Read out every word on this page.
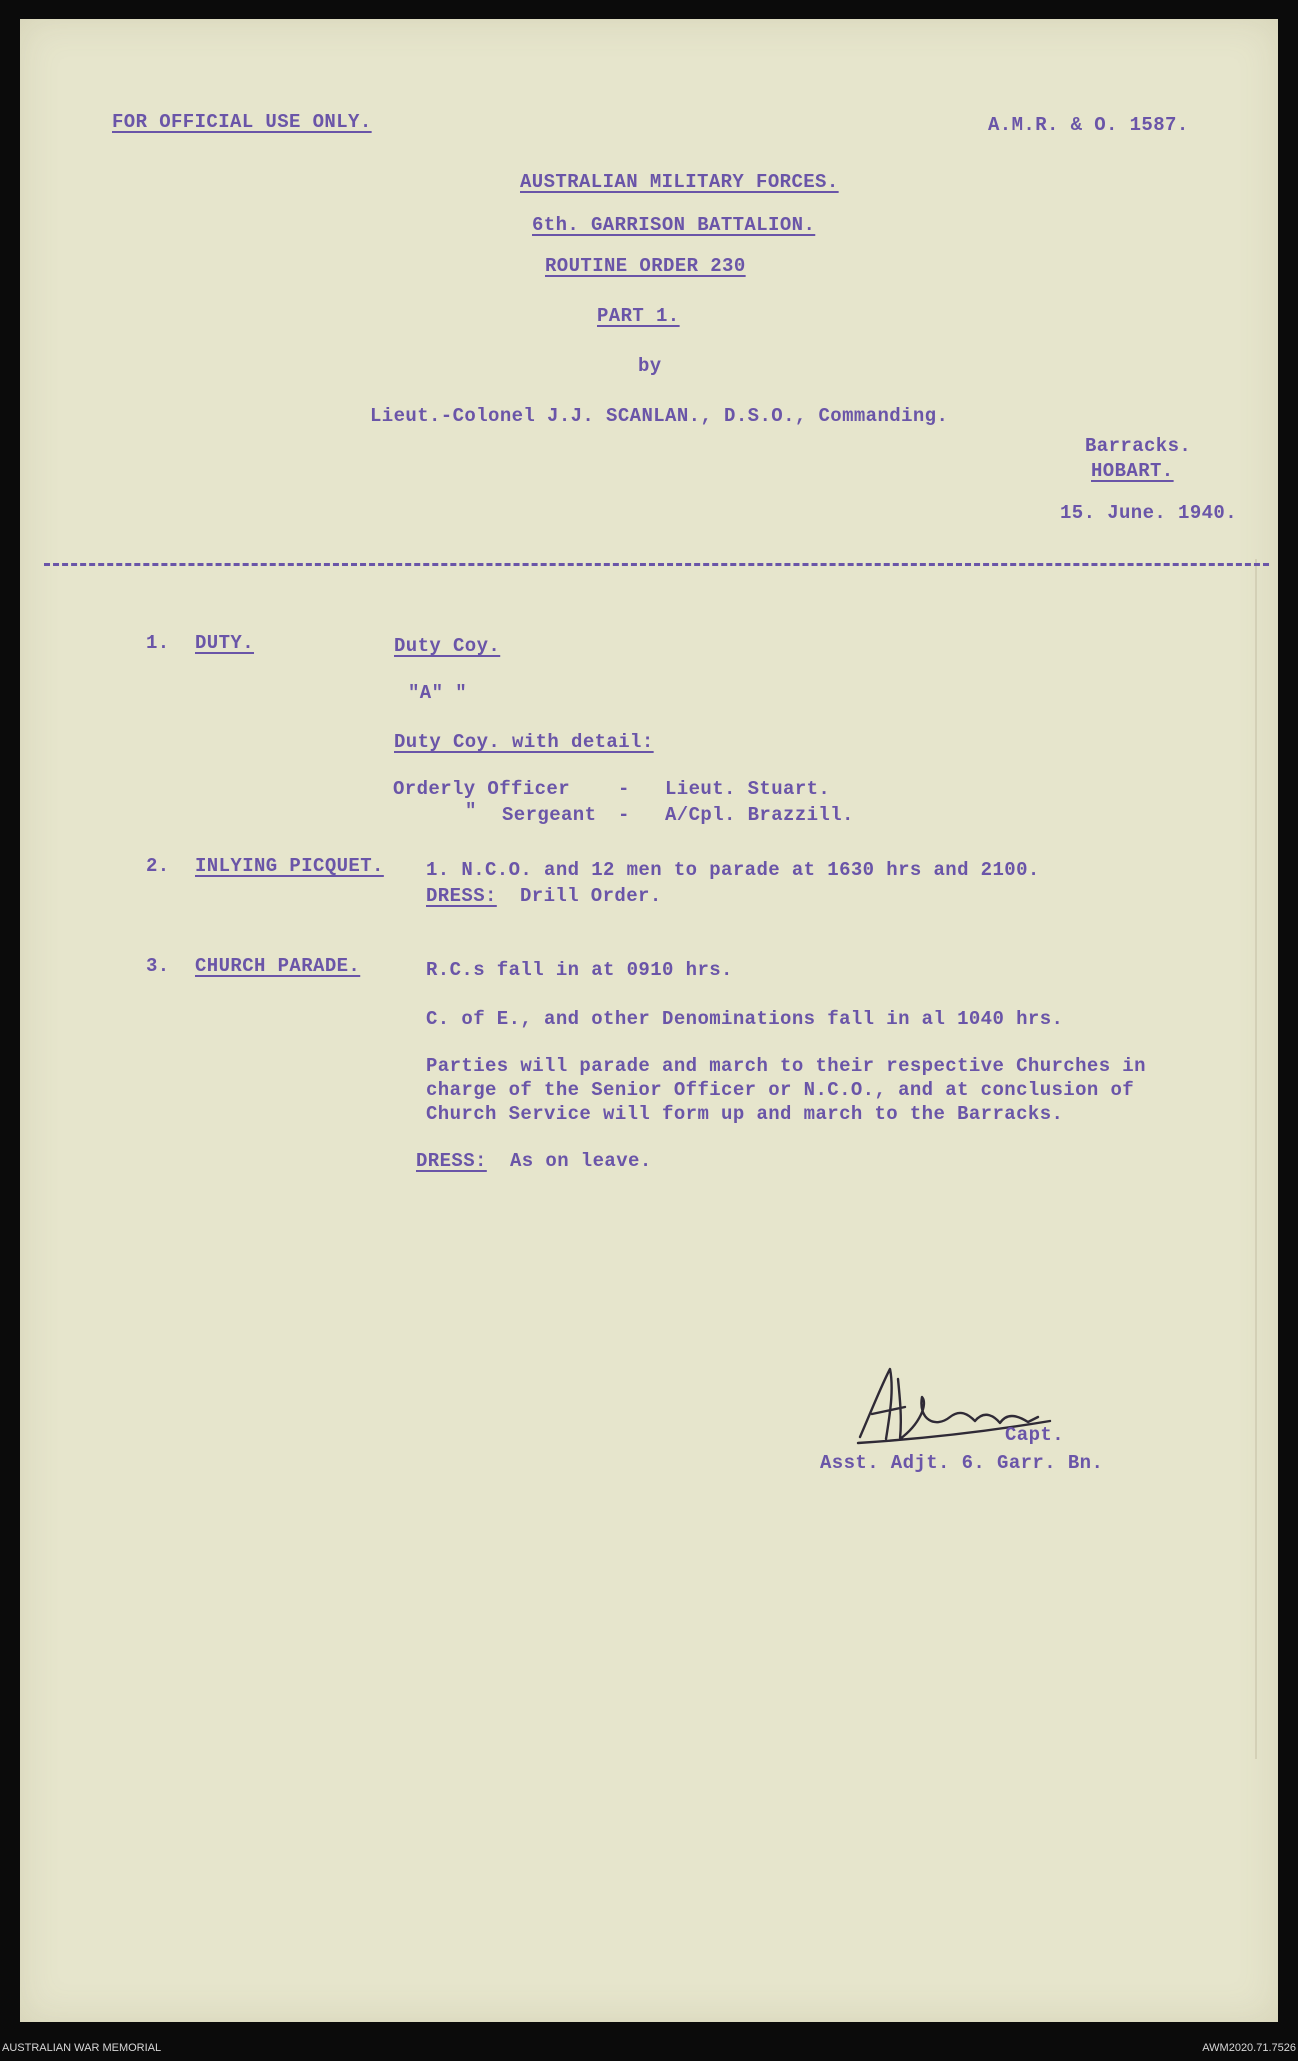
FOR OFFICIAL USE ONLY.	A.M.R. & O. 1587.
AUSTRALIAN MILITARY FORCES.
6th. GARRISON BATTALION.
ROUTINE ORDER 230
PART 1.
by
Lieut.-Colonel J.J. SCANLAN., D.S.O., Commanding.
Barracks.
HOBART.
15. June. 1940.
1. DUTY.	Duty Coy.
"A" "
Duty Coy. with detail:
Orderly Officer	- Lieut. Stuart.
" Sergeant - A/Cpl. Brazzill.
2. INLYING PICQUET. 1. N.C.O. and 12 men to parade at 1630 hrs and 2100.
DRESS: Drill Order.
3. CHURCH PARADE.	R.C.s fall in at 0910 hrs.
C. of E., and other Denominations fall in al 1040 hrs.
Parties will parade and march to their respective Churches in charge of the Senior Officer or N.C.O., and at conclusion of Church Service will form up and march to the Barracks.
DRESS: As on leave.
Capt.
Asst. Adjt. 6. Garr. Bn.
AUSTRALIAN WAR MEMORIAL	AWM2020.71.7526
